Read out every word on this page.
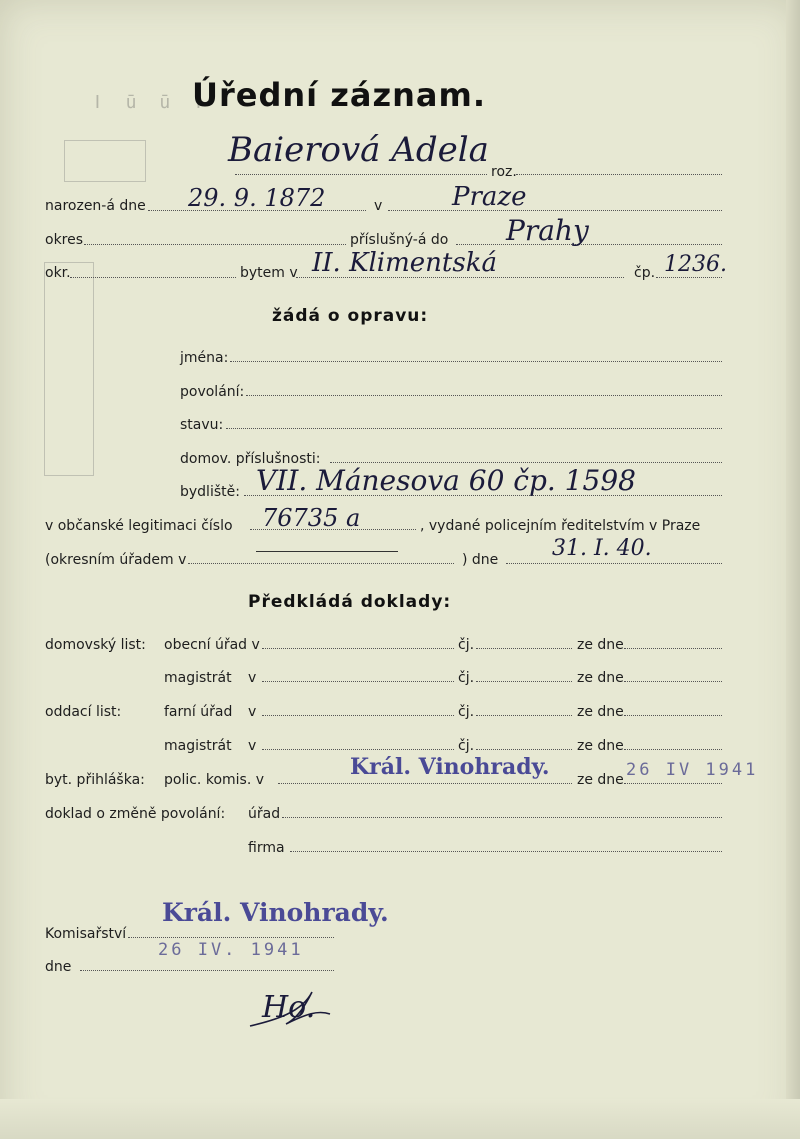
ǀ ū ū ǀ
Úřední záznam.
Baierová Adela
roz.
narozen-á dne 29. 9. 1872	v	Praze
okres	příslušný-á do Prahy
okr.	bytem v II. Klimentská	čp. 1236.
žádá o opravu:
jména:
povolání:
stavu:
domov. příslušnosti:
bydliště: VII. Mánesova 60 čp. 1598
v občanské legitimaci číslo 76735 a	, vydané policejním ředitelstvím v Praze
(okresním úřadem v	) dne 31. I. 40.
Předkládá doklady:
domovský list: obecní úřad v	čj.	ze dne
magistrát v	čj.	ze dne
oddací list:	farní úřad v	čj.	ze dne
magistrát v	čj.	ze dne
byt. přihláška: polic. komis. v	Král. Vinohrady. ze dne 26 IV 1941
doklad o změně povolání: úřad
firma
Král. Vinohrady.
Komisařství
26 IV. 1941
dne
Ho.
